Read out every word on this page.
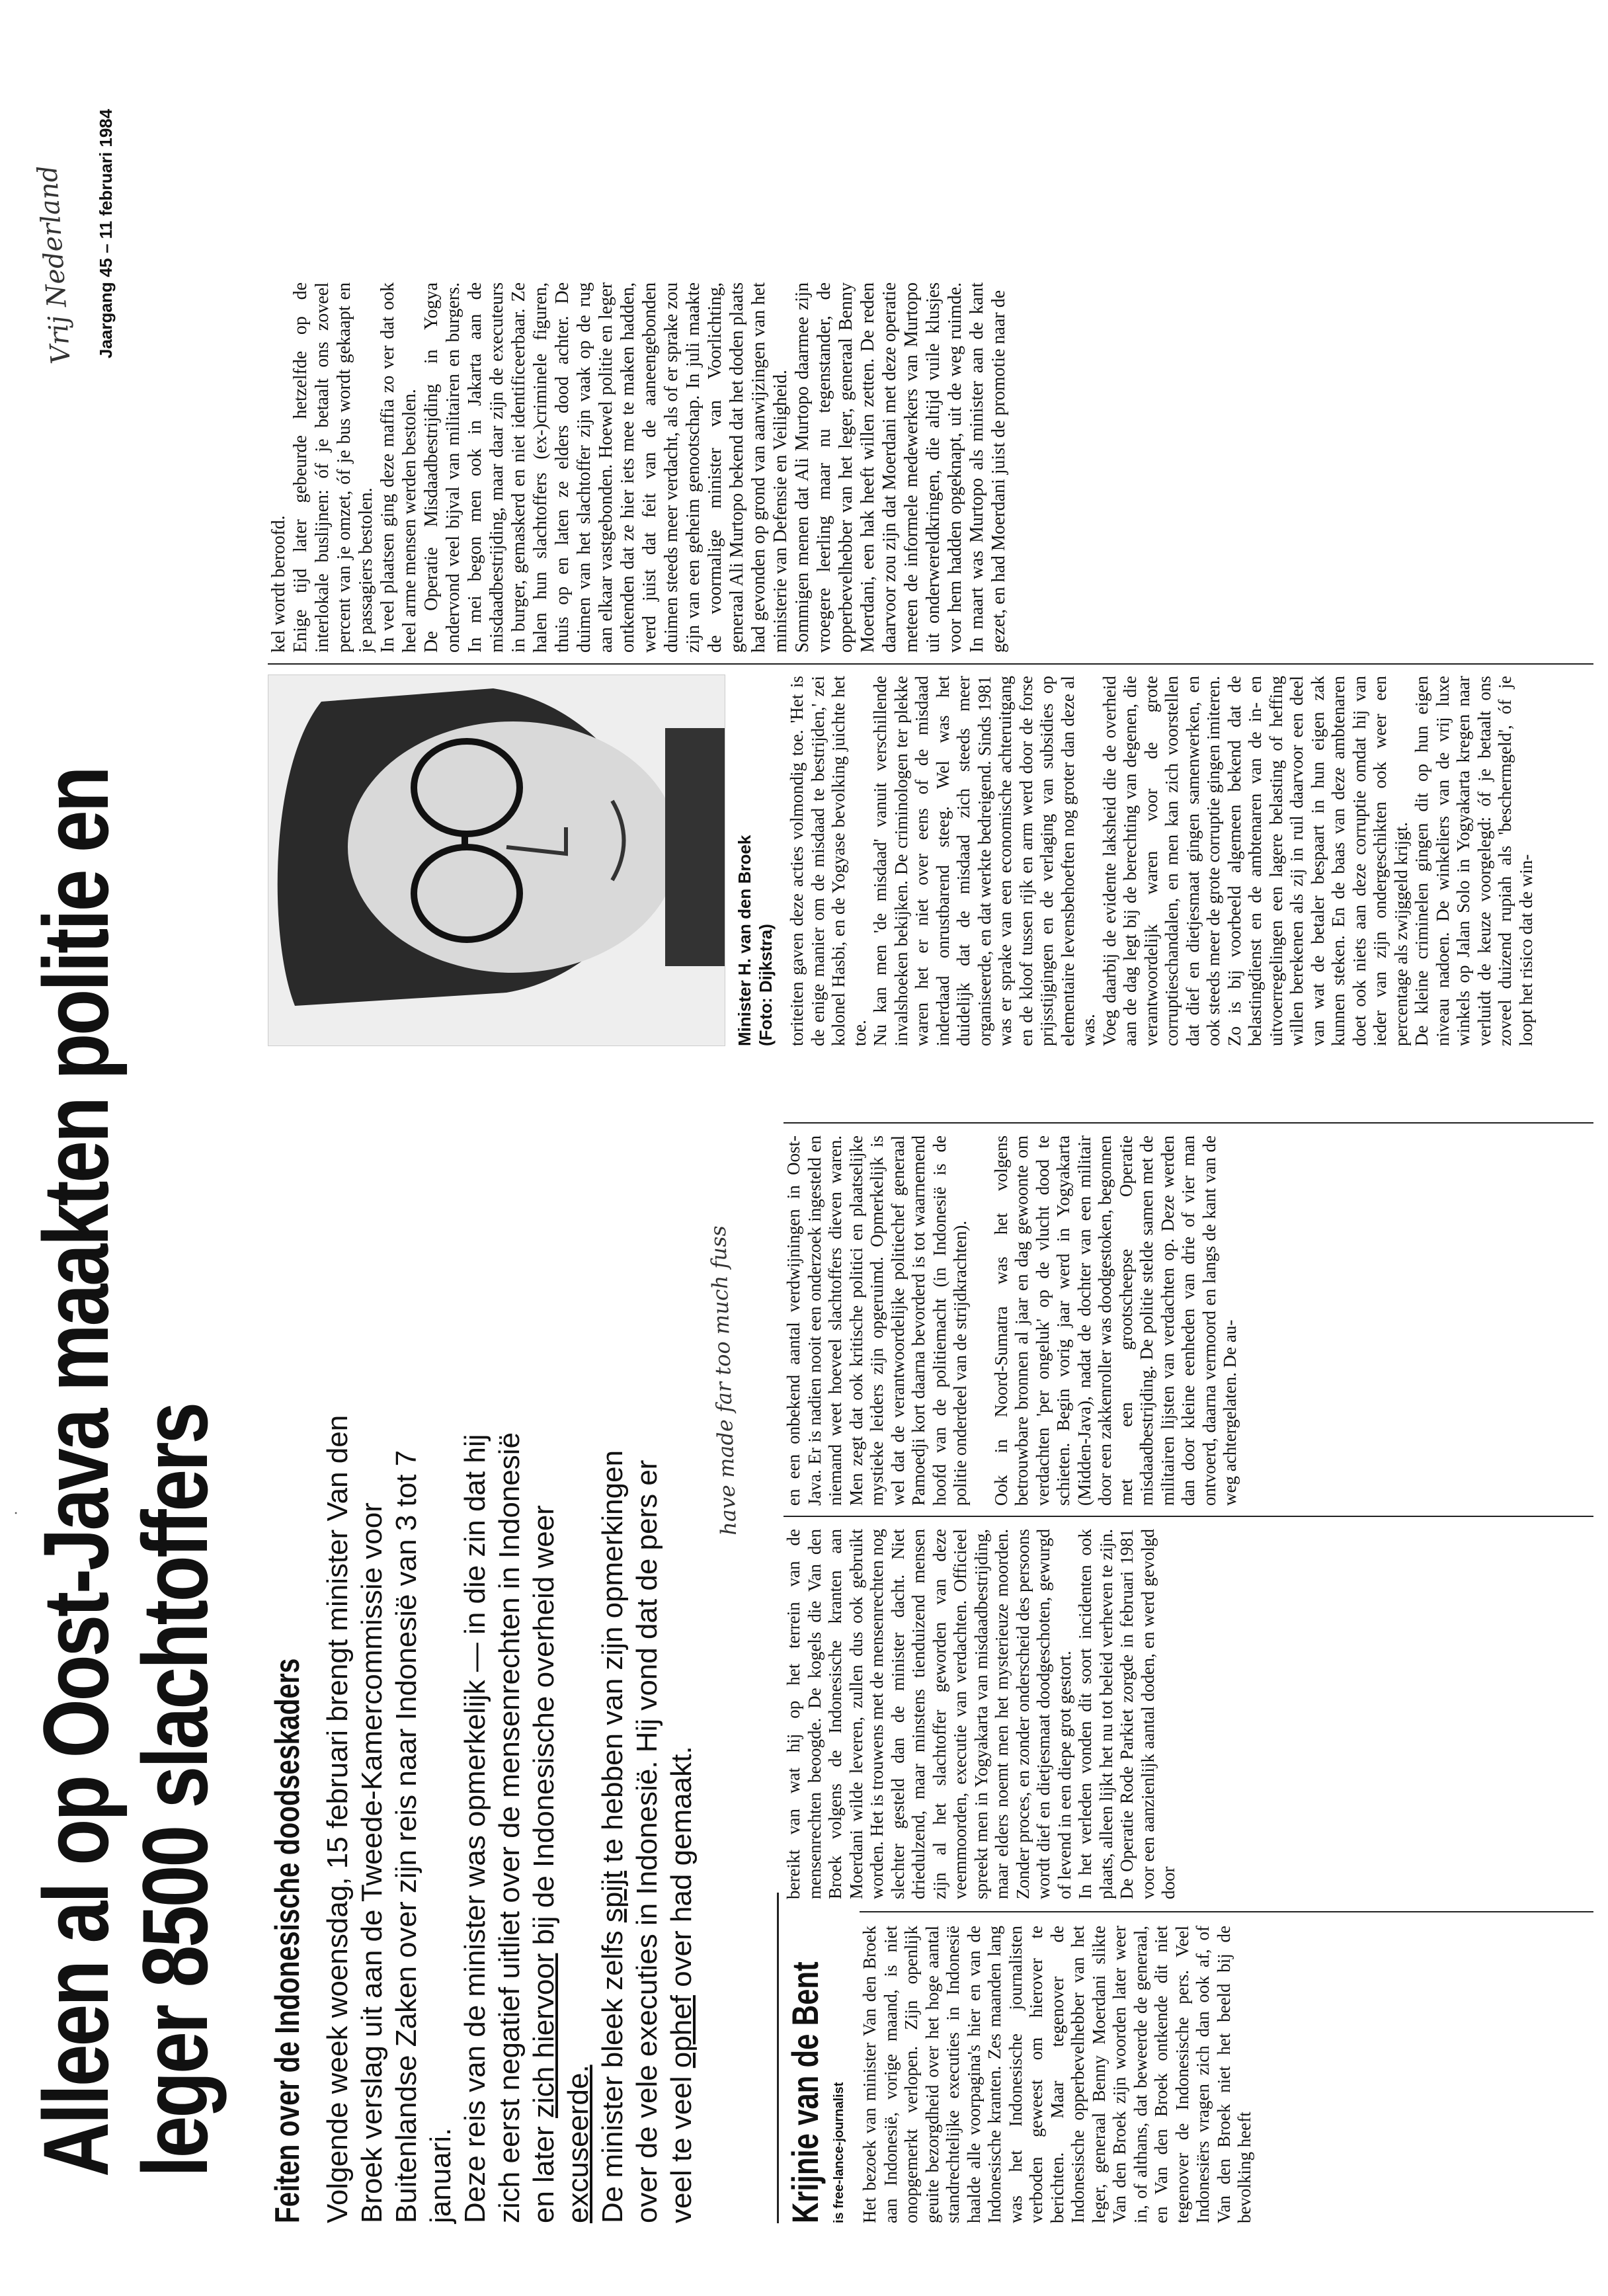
·
Alleen al op Oost-Java maakten politie en
leger 8500 slachtoffers Feiten over de Indonesische doodseskaders Volgende week woensdag, 15 februari brengt minister Van den Broek verslag uit aan de Tweede-Kamercommissie voor Buitenlandse Zaken over zijn reis naar Indonesië van 3 tot 7 januari. Deze reis van de minister was opmerkelijk — in die zin dat hij zich eerst negatief uitliet over de mensenrechten in Indonesië en later zich hiervoor bij de Indonesische overheid weer excuseerde. De minister bleek zelfs spijt te hebben van zijn opmerkingen over de vele executies in Indonesië. Hij vond dat de pers er veel te veel ophef over had gemaakt.
have made far too much fuss
Krijnie van de Bent is free-lance-journalist Het bezoek van minister Van den Broek aan Indonesië, vorige maand, is niet onopgemerkt verlopen. Zijn openlijk geuite bezorgdheid over het hoge aantal standrechtelijke executies in Indonesië haalde alle voorpagina's hier en van de Indonesische kranten. Zes maanden lang was het Indonesische journalisten verboden geweest om hierover te berichten. Maar tegenover de Indonesische opperbevelhebber van het leger, generaal Benny Moerdani slikte Van den Broek zijn woorden later weer in, of althans, dat beweerde de generaal, en Van den Broek ontkende dit niet tegenover de Indonesische pers. Veel Indonesiërs vragen zich dan ook af, of Van den Broek niet het beeld bij de bevolking heeft

bereikt van wat hij op het terrein van de mensenrechten beoogde. De kogels die Van den Broek volgens de Indonesische kranten aan Moerdani wilde leveren, zullen dus ook gebruikt worden. Het is trouwens met de mensenrechten nog slechter gesteld dan de minister dacht. Niet driedulzend, maar minstens tienduizend mensen zijn al het slachtoffer geworden van deze veemmoorden, executie van verdachten. Officieel spreekt men in Yogyakarta van misdaadbestrijding, maar elders noemt men het mysterieuze moorden. Zonder proces, en zonder onderscheid des persoons wordt dief en dietjesmaat doodgeschoten, gewurgd of levend in een diepe grot gestort. In het verleden vonden dit soort incidenten ook plaats, alleen lijkt het nu tot beleid verheven te zijn. De Operatie Rode Parkiet zorgde in februari 1981 voor een aanzienlijk aantal doden, en werd gevolgd door

en een onbekend aantal verdwijningen in Oost-Java. Er is nadien nooit een onderzoek ingesteld en niemand weet hoeveel slachtoffers dieven waren. Men zegt dat ook kritische politici en plaatselijke mystieke leiders zijn opgeruimd. Opmerkelijk is wel dat de verantwoordelijke politiechef generaal Pamoedji kort daarna bevorderd is tot waarnemend hoofd van de politiemacht (in Indonesië is de politie onderdeel van de strijdkrachten). Ook in Noord-Sumatra was het volgens betrouwbare bronnen al jaar en dag gewoonte om verdachten 'per ongeluk' op de vlucht dood te schieten. Begin vorig jaar werd in Yogyakarta (Midden-Java), nadat de dochter van een militair door een zakkenroller was doodgestoken, begonnen met een grootscheepse Operatie misdaadbestrijding. De politie stelde samen met de militairen lijsten van verdachten op. Deze werden dan door kleine eenheden van drie of vier man ontvoerd, daarna vermoord en langs de kant van de weg achtergelaten. De au-

Minister H. van den Broek (Foto: Dijkstra) toriteiten gaven deze acties volmondig toe. 'Het is de enige manier om de misdaad te bestrijden,' zei kolonel Hasbi, en de Yogyase bevolking juichte het toe. Nu kan men 'de misdaad' vanuit verschillende invalshoeken bekijken. De criminologen ter plekke waren het er niet over eens of de misdaad inderdaad onrustbarend steeg. Wel was het duidelijk dat de misdaad zich steeds meer organiseerde, en dat werkte bedreigend. Sinds 1981 was er sprake van een economische achteruitgang en de kloof tussen rijk en arm werd door de forse prijsstijgingen en de verlaging van subsidies op elementaire levensbehoeften nog groter dan deze al was. Voeg daarbij de evidente laksheid die de overheid aan de dag legt bij de berechting van degenen, die verantwoordelijk waren voor de grote corruptieschandalen, en men kan zich voorstellen dat dief en dietjesmaat gingen samenwerken, en ook steeds meer de grote corruptie gingen imiteren. Zo is bij voorbeeld algemeen bekend dat de belastingdienst en de ambtenaren van de in- en uitvoerregelingen een lagere belasting of heffing willen berekenen als zij in ruil daarvoor een deel van wat de betaler bespaart in hun eigen zak kunnen steken. En de baas van deze ambtenaren doet ook niets aan deze corruptie omdat hij van ieder van zijn ondergeschikten ook weer een percentage als zwijggeld krijgt. De kleine criminelen gingen dit op hun eigen niveau nadoen. De winkeliers van de vrij luxe winkels op Jalan Solo in Yogyakarta kregen naar verluidt de keuze voorgelegd: óf je betaalt ons zoveel duizend rupiah als 'beschermgeld', óf je loopt het risico dat de win-

kel wordt beroofd. Enige tijd later gebeurde hetzelfde op de interlokale buslijnen: óf je betaalt ons zoveel percent van je omzet, óf je bus wordt gekaapt en je passagiers bestolen. In veel plaatsen ging deze maffia zo ver dat ook heel arme mensen werden bestolen. De Operatie Misdaadbestrijding in Yogya ondervond veel bijval van militairen en burgers. In mei begon men ook in Jakarta aan de misdaadbestrijding, maar daar zijn de executeurs in burger, gemaskerd en niet identificeerbaar. Ze halen hun slachtoffers (ex-)criminele figuren, thuis op en laten ze elders dood achter. De duimen van het slachtoffer zijn vaak op de rug aan elkaar vastgebonden. Hoewel politie en leger ontkenden dat ze hier iets mee te maken hadden, werd juist dat feit van de aaneengebonden duimen steeds meer verdacht, als of er sprake zou zijn van een geheim genootschap. In juli maakte de voormalige minister van Voorlichting, generaal Ali Murtopo bekend dat het doden plaats had gevonden op grond van aanwijzingen van het ministerie van Defensie en Veiligheid. Sommigen menen dat Ali Murtopo daarmee zijn vroegere leerling maar nu tegenstander, de opperbevelhebber van het leger, generaal Benny Moerdani, een hak heeft willen zetten. De reden daarvoor zou zijn dat Moerdani met deze operatie meteen de informele medewerkers van Murtopo uit onderwereldkringen, die altijd vuile klusjes voor hem hadden opgeknapt, uit de weg ruimde. In maart was Murtopo als minister aan de kant gezet, en had Moerdani juist de promotie naar de

Vrij Nederland Jaargang 45 – 11 februari 1984
